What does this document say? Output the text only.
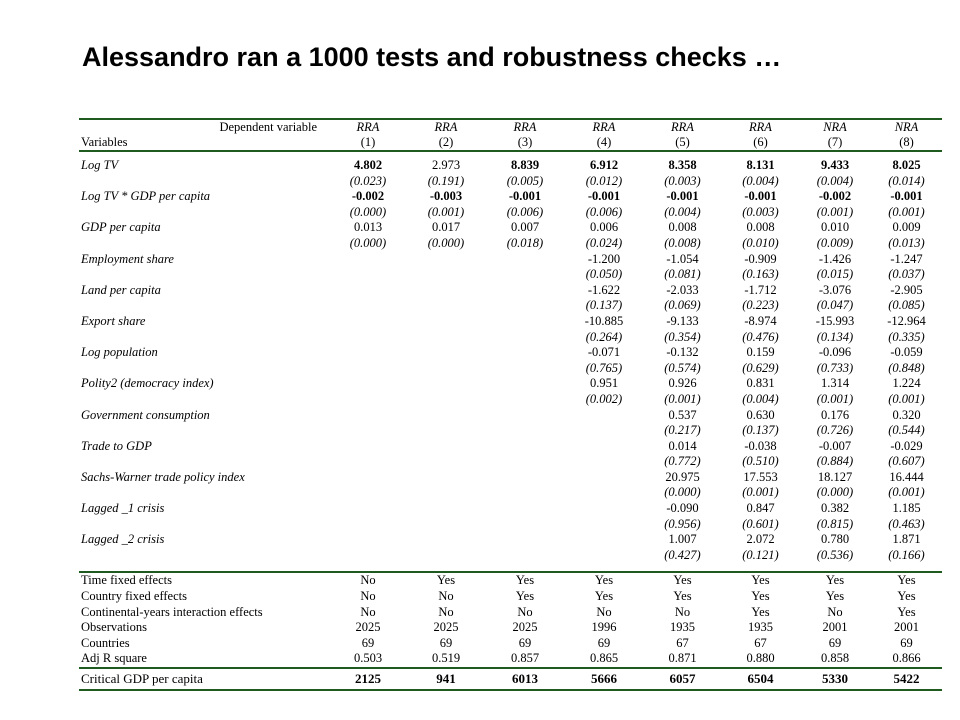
Alessandro ran a 1000 tests and robustness checks …
Dependent variable	RRA	RRA	RRA	RRA	RRA	RRA	NRA	NRA
Variables	(1)	(2)	(3)	(4)	(5)	(6)	(7)	(8)

Log TV	4.802	2.973	8.839	6.912	8.358	8.131	9.433	8.025
	(0.023)	(0.191)	(0.005)	(0.012)	(0.003)	(0.004)	(0.004)	(0.014)
Log TV * GDP per capita	-0.002	-0.003	-0.001	-0.001	-0.001	-0.001	-0.002	-0.001
	(0.000)	(0.001)	(0.006)	(0.006)	(0.004)	(0.003)	(0.001)	(0.001)
GDP per capita	0.013	0.017	0.007	0.006	0.008	0.008	0.010	0.009
	(0.000)	(0.000)	(0.018)	(0.024)	(0.008)	(0.010)	(0.009)	(0.013)
Employment share				-1.200	-1.054	-0.909	-1.426	-1.247
				(0.050)	(0.081)	(0.163)	(0.015)	(0.037)
Land per capita				-1.622	-2.033	-1.712	-3.076	-2.905
				(0.137)	(0.069)	(0.223)	(0.047)	(0.085)
Export share				-10.885	-9.133	-8.974	-15.993	-12.964
				(0.264)	(0.354)	(0.476)	(0.134)	(0.335)
Log population				-0.071	-0.132	0.159	-0.096	-0.059
				(0.765)	(0.574)	(0.629)	(0.733)	(0.848)
Polity2 (democracy index)				0.951	0.926	0.831	1.314	1.224
				(0.002)	(0.001)	(0.004)	(0.001)	(0.001)
Government consumption					0.537	0.630	0.176	0.320
					(0.217)	(0.137)	(0.726)	(0.544)
Trade to GDP					0.014	-0.038	-0.007	-0.029
					(0.772)	(0.510)	(0.884)	(0.607)
Sachs-Warner trade policy index					20.975	17.553	18.127	16.444
					(0.000)	(0.001)	(0.000)	(0.001)
Lagged _1 crisis					-0.090	0.847	0.382	1.185
					(0.956)	(0.601)	(0.815)	(0.463)
Lagged _2 crisis					1.007	2.072	0.780	1.871
					(0.427)	(0.121)	(0.536)	(0.166)

Time fixed effects	No	Yes	Yes	Yes	Yes	Yes	Yes	Yes
Country fixed effects	No	No	Yes	Yes	Yes	Yes	Yes	Yes
Continental-years interaction effects	No	No	No	No	No	Yes	No	Yes
Observations	2025	2025	2025	1996	1935	1935	2001	2001
Countries	69	69	69	69	67	67	69	69
Adj R square	0.503	0.519	0.857	0.865	0.871	0.880	0.858	0.866
Critical GDP per capita	2125	941	6013	5666	6057	6504	5330	5422
